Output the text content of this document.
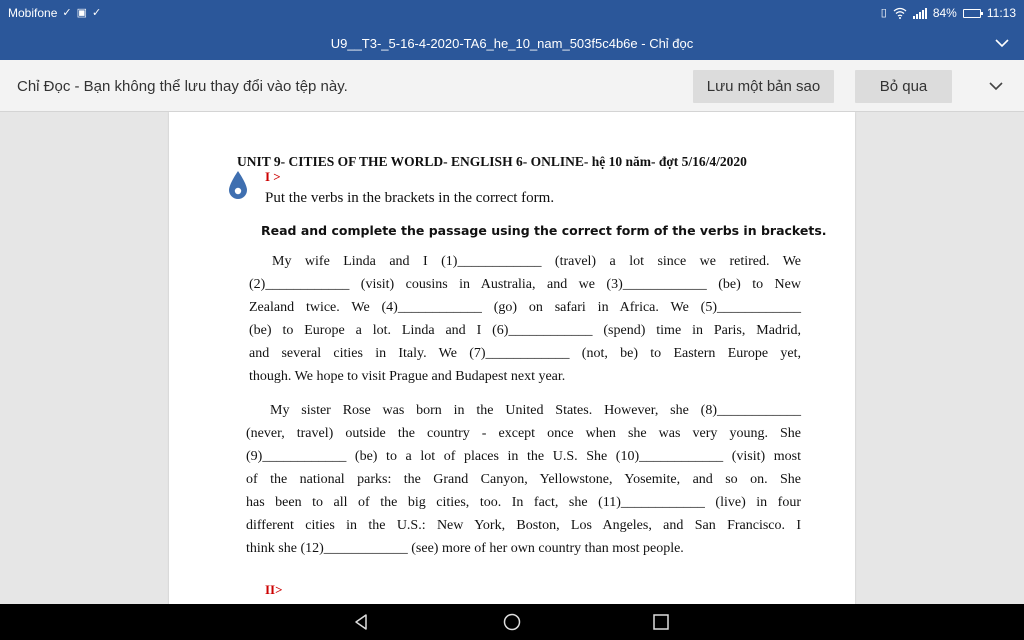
Mobifone ✓ ▣ ✓	▯	84%	11:13
U9__T3-_5-16-4-2020-TA6_he_10_nam_503f5c4b6e - Chỉ đọc
Chỉ Đọc - Bạn không thể lưu thay đổi vào tệp này.	Lưu một bản sao	Bỏ qua
UNIT 9- CITIES OF THE WORLD- ENGLISH 6- ONLINE- hệ 10 năm- đợt 5/16/4/2020
I >
Put the verbs in the brackets in the correct form.
Read and complete the passage using the correct form of the verbs in brackets.
My wife Linda and I (1)____________ (travel) a lot since we retired. We
(2)____________ (visit) cousins in Australia, and we (3)____________ (be) to New
Zealand twice. We (4)____________ (go) on safari in Africa. We (5)____________
(be) to Europe a lot. Linda and I (6)____________ (spend) time in Paris, Madrid,
and several cities in Italy. We (7)____________ (not, be) to Eastern Europe yet,
though. We hope to visit Prague and Budapest next year.
My sister Rose was born in the United States. However, she (8)____________
(never, travel) outside the country - except once when she was very young. She
(9)____________ (be) to a lot of places in the U.S. She (10)____________ (visit) most
of the national parks: the Grand Canyon, Yellowstone, Yosemite, and so on. She
has been to all of the big cities, too. In fact, she (11)____________ (live) in four
different cities in the U.S.: New York, Boston, Los Angeles, and San Francisco. I
think she (12)____________ (see) more of her own country than most people.
II>
